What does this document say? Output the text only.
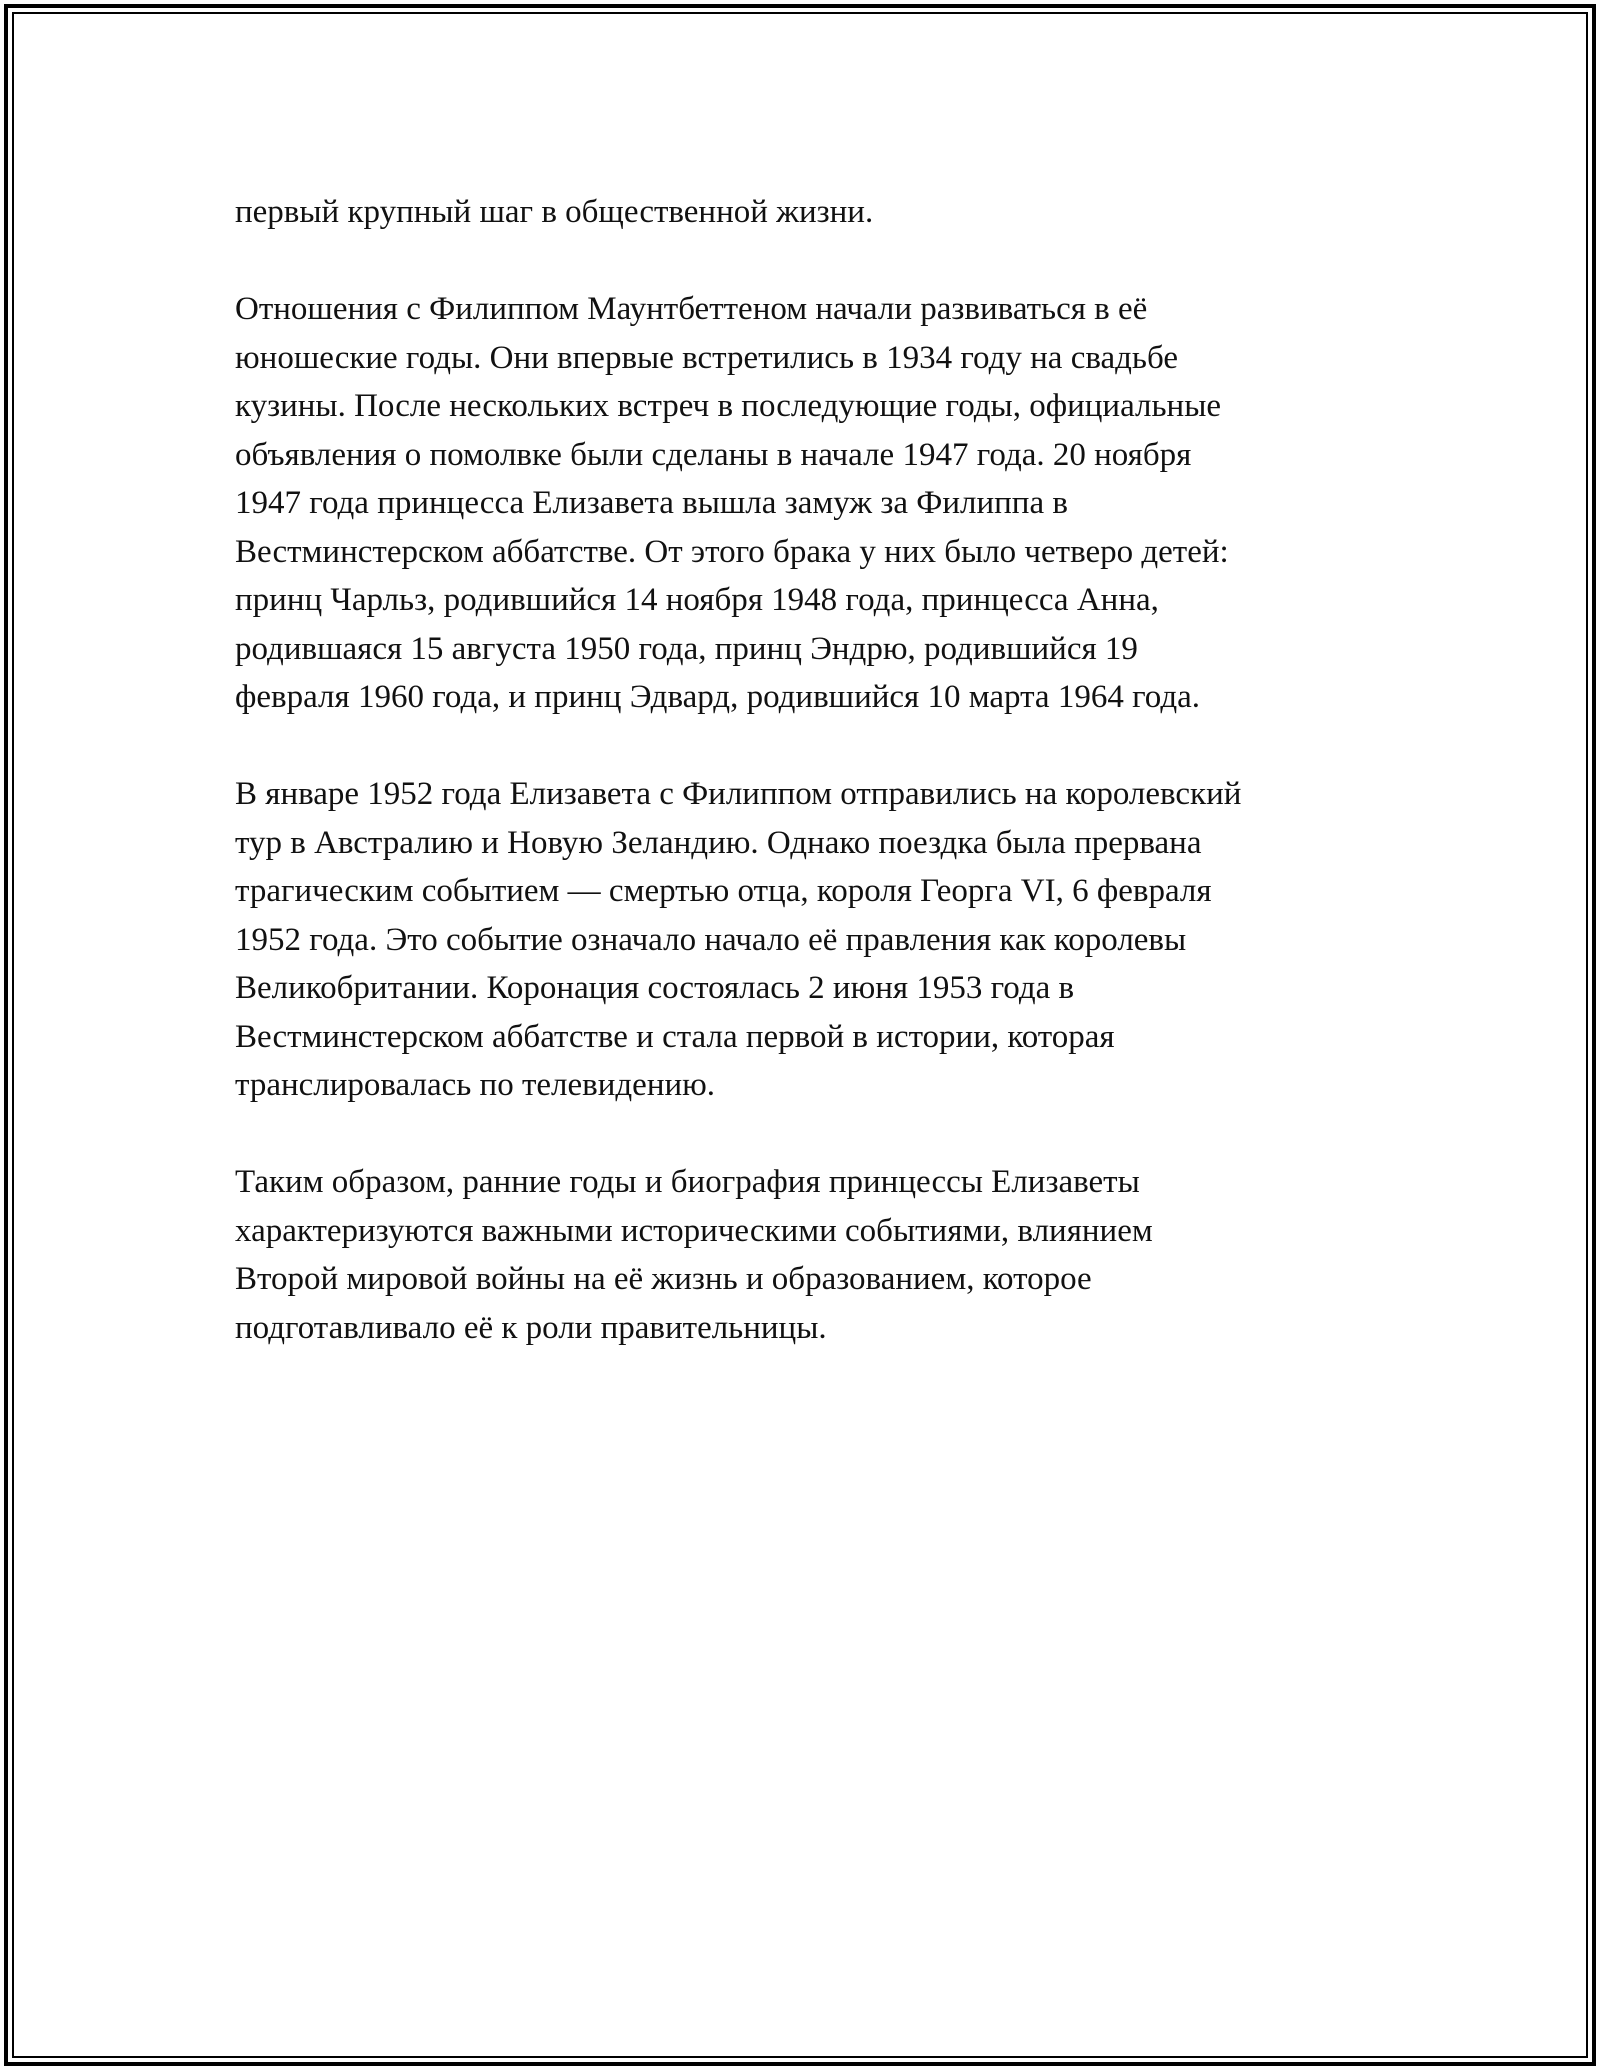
первый крупный шаг в общественной жизни.
Отношения с Филиппом Маунтбеттеном начали развиваться в её
юношеские годы. Они впервые встретились в 1934 году на свадьбе
кузины. После нескольких встреч в последующие годы, официальные
объявления о помолвке были сделаны в начале 1947 года. 20 ноября
1947 года принцесса Елизавета вышла замуж за Филиппа в
Вестминстерском аббатстве. От этого брака у них было четверо детей:
принц Чарльз, родившийся 14 ноября 1948 года, принцесса Анна,
родившаяся 15 августа 1950 года, принц Эндрю, родившийся 19
февраля 1960 года, и принц Эдвард, родившийся 10 марта 1964 года.
В январе 1952 года Елизавета с Филиппом отправились на королевский
тур в Австралию и Новую Зеландию. Однако поездка была прервана
трагическим событием — смертью отца, короля Георга VI, 6 февраля
1952 года. Это событие означало начало её правления как королевы
Великобритании. Коронация состоялась 2 июня 1953 года в
Вестминстерском аббатстве и стала первой в истории, которая
транслировалась по телевидению.
Таким образом, ранние годы и биография принцессы Елизаветы
характеризуются важными историческими событиями, влиянием
Второй мировой войны на её жизнь и образованием, которое
подготавливало её к роли правительницы.
